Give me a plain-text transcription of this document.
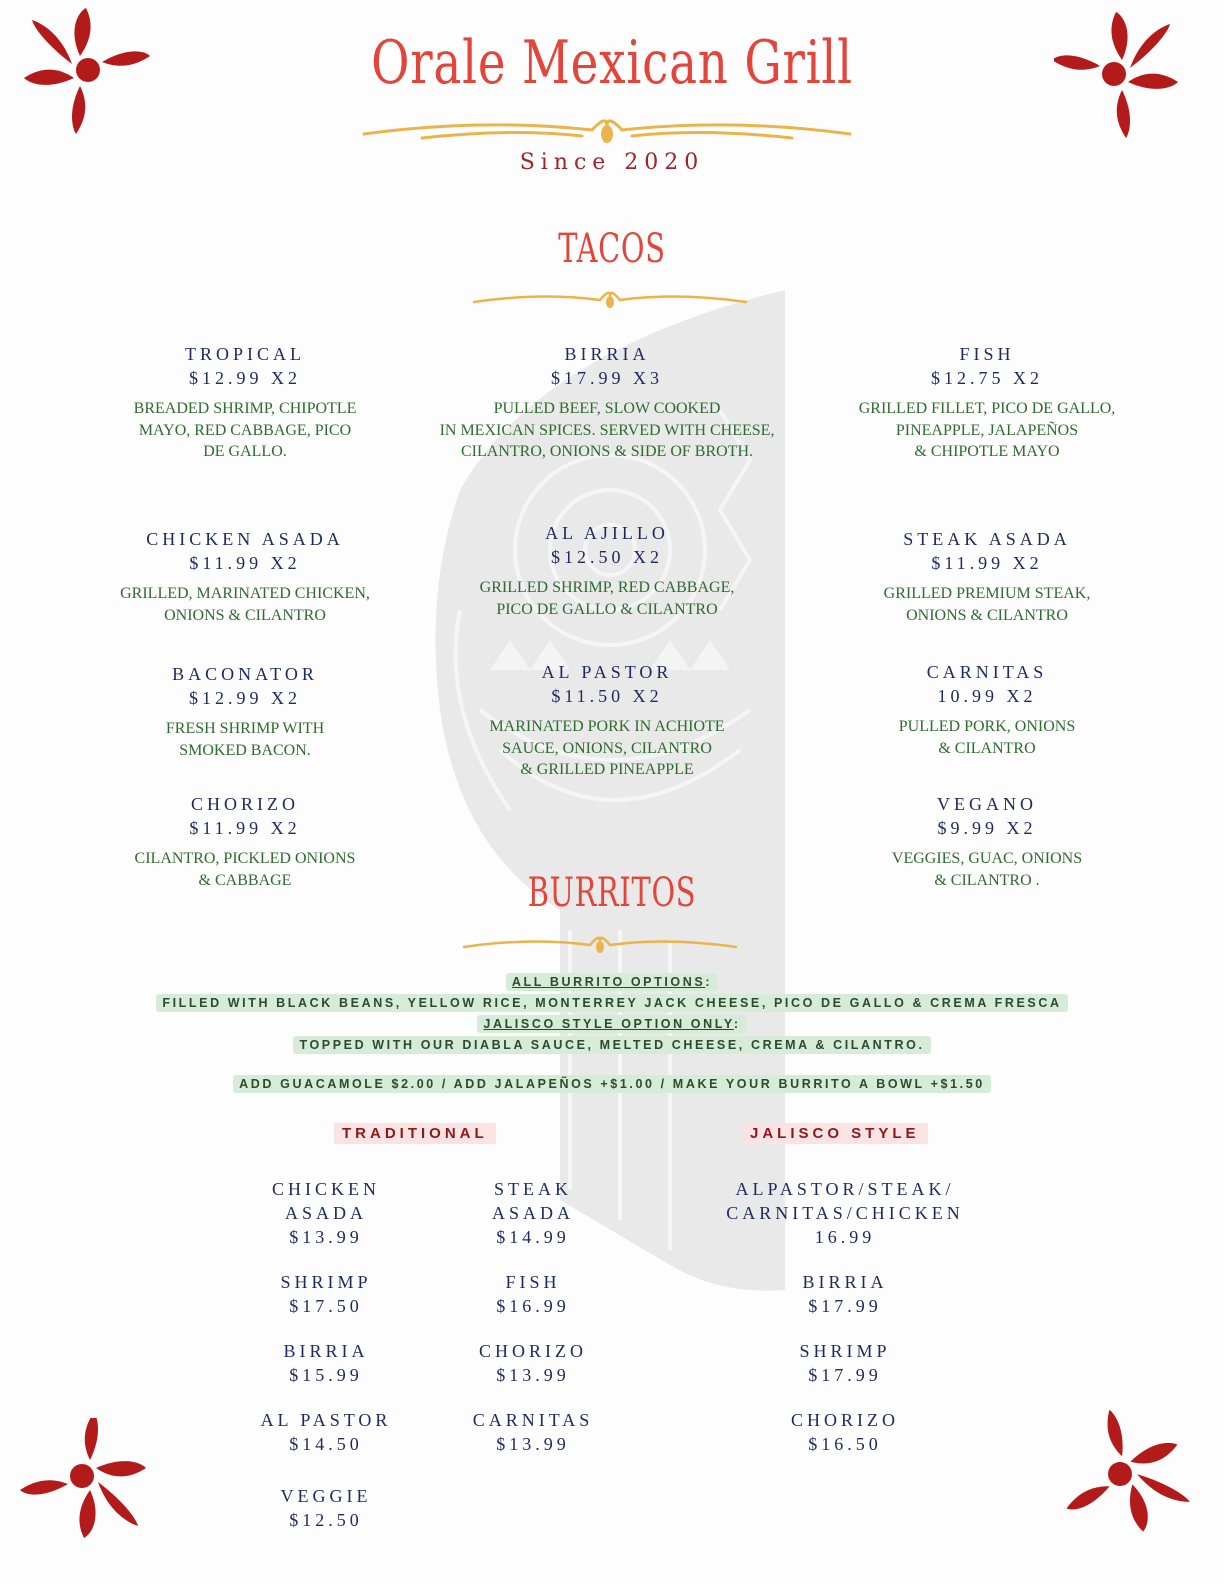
Orale Mexican Grill
Since 2020
TACOS
TROPICAL
$12.99 X2
BREADED SHRIMP, CHIPOTLE
MAYO, RED CABBAGE, PICO
DE GALLO.
BIRRIA
$17.99 X3
PULLED BEEF, SLOW COOKED
IN MEXICAN SPICES. SERVED WITH CHEESE,
CILANTRO, ONIONS & SIDE OF BROTH.
FISH
$12.75 X2
GRILLED FILLET, PICO DE GALLO,
PINEAPPLE, JALAPEÑOS
& CHIPOTLE MAYO
CHICKEN ASADA
$11.99 X2
GRILLED, MARINATED CHICKEN,
ONIONS & CILANTRO
AL AJILLO
$12.50 X2
GRILLED SHRIMP, RED CABBAGE,
PICO DE GALLO & CILANTRO
STEAK ASADA
$11.99 X2
GRILLED PREMIUM STEAK,
ONIONS & CILANTRO
BACONATOR
$12.99 X2
FRESH SHRIMP WITH
SMOKED BACON.
AL PASTOR
$11.50 X2
MARINATED PORK IN ACHIOTE
SAUCE, ONIONS, CILANTRO
& GRILLED PINEAPPLE
CARNITAS
10.99 X2
PULLED PORK, ONIONS
& CILANTRO
CHORIZO
$11.99 X2
CILANTRO, PICKLED ONIONS
& CABBAGE
VEGANO
$9.99 X2
VEGGIES, GUAC, ONIONS
& CILANTRO .
BURRITOS
ALL BURRITO OPTIONS:
FILLED WITH BLACK BEANS, YELLOW RICE, MONTERREY JACK CHEESE, PICO DE GALLO & CREMA FRESCA
JALISCO STYLE OPTION ONLY:
TOPPED WITH OUR DIABLA SAUCE, MELTED CHEESE, CREMA & CILANTRO.
ADD GUACAMOLE $2.00 / ADD JALAPEÑOS +$1.00 / MAKE YOUR BURRITO A BOWL +$1.50
TRADITIONAL	JALISCO STYLE
CHICKEN
ASADA
$13.99
SHRIMP
$17.50
BIRRIA
$15.99
AL PASTOR
$14.50
VEGGIE
$12.50
STEAK
ASADA
$14.99
FISH
$16.99
CHORIZO
$13.99
CARNITAS
$13.99
ALPASTOR/STEAK/
CARNITAS/CHICKEN
16.99
BIRRIA
$17.99
SHRIMP
$17.99
CHORIZO
$16.50
